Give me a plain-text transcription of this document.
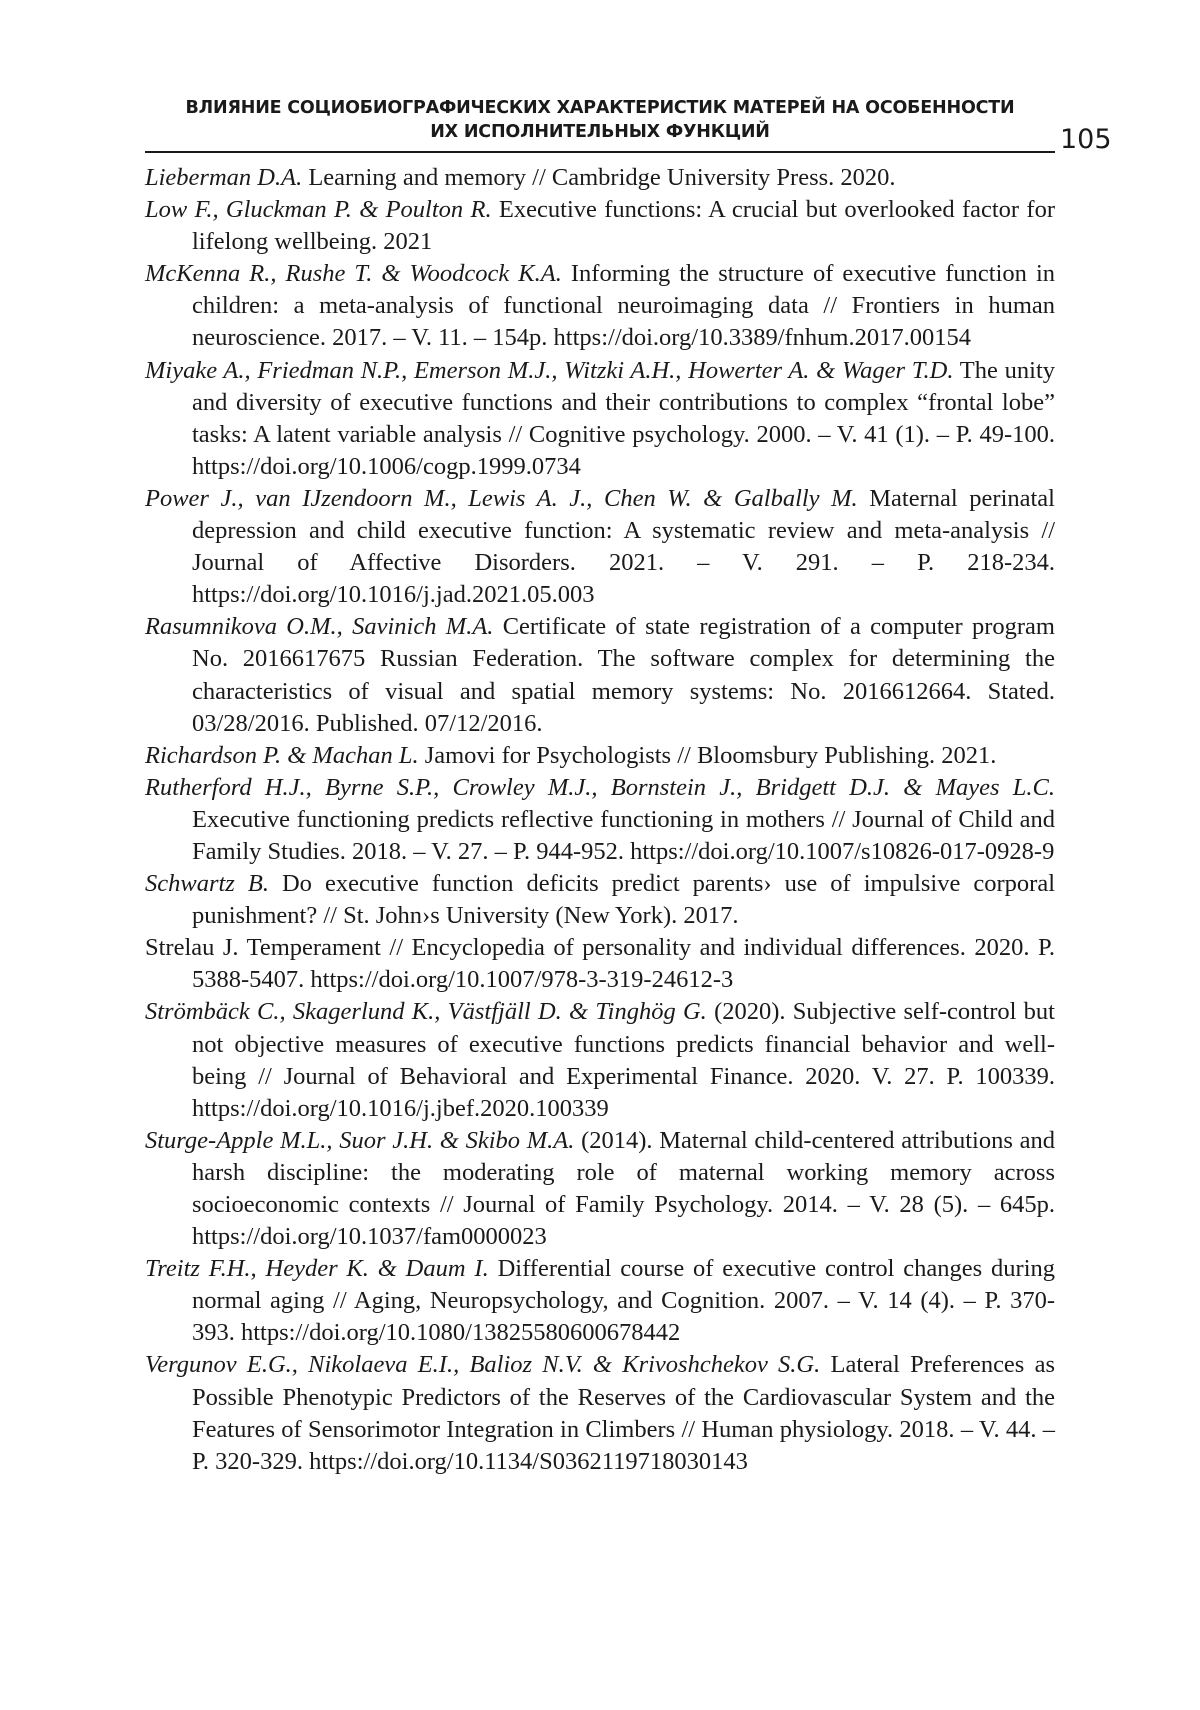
ВЛИЯНИЕ СОЦИОБИОГРАФИЧЕСКИХ ХАРАКТЕРИСТИК МАТЕРЕЙ НА ОСОБЕННОСТИ
ИХ ИСПОЛНИТЕЛЬНЫХ ФУНКЦИЙ	105

Lieberman D.A. Learning and memory // Cambridge University Press. 2020.

Low F., Gluckman P. & Poulton R. Executive functions: A crucial but overlooked factor for lifelong wellbeing. 2021

McKenna R., Rushe T. & Woodcock K.A. Informing the structure of executive function in children: a meta-analysis of functional neuroimaging data // Frontiers in human neuroscience. 2017. – V. 11. – 154p. https://doi.org/10.3389/fnhum.2017.00154

Miyake A., Friedman N.P., Emerson M.J., Witzki A.H., Howerter A. & Wager T.D. The unity and diversity of executive functions and their contributions to complex “frontal lobe” tasks: A latent variable analysis // Cognitive psychology. 2000. – V. 41 (1). – P. 49-100. https://doi.org/10.1006/cogp.1999.0734

Power J., van IJzendoorn M., Lewis A. J., Chen W. & Galbally M. Maternal perinatal depression and child executive function: A systematic review and meta-analysis // Journal of Affective Disorders. 2021. – V. 291. – P. 218-234. https://doi.org/10.1016/j.jad.2021.05.003

Rasumnikova O.M., Savinich M.A. Certificate of state registration of a computer program No. 2016617675 Russian Federation. The software complex for determining the characteristics of visual and spatial memory systems: No. 2016612664. Stated. 03/28/2016. Published. 07/12/2016.

Richardson P. & Machan L. Jamovi for Psychologists // Bloomsbury Publishing. 2021.

Rutherford H.J., Byrne S.P., Crowley M.J., Bornstein J., Bridgett D.J. & Mayes L.C. Executive functioning predicts reflective functioning in mothers // Journal of Child and Family Studies. 2018. – V. 27. – P. 944-952. https://doi.org/10.1007/s10826-017-0928-9

Schwartz B. Do executive function deficits predict parents› use of impulsive corporal punishment? // St. John›s University (New York). 2017.

Strelau J. Temperament // Encyclopedia of personality and individual differences. 2020. P. 5388-5407. https://doi.org/10.1007/978-3-319-24612-3

Strömbäck C., Skagerlund K., Västfjäll D. & Tinghög G. (2020). Subjective self-control but not objective measures of executive functions predicts financial behavior and well-being // Journal of Behavioral and Experimental Finance. 2020. V. 27. P. 100339. https://doi.org/10.1016/j.jbef.2020.100339

Sturge-Apple M.L., Suor J.H. & Skibo M.A. (2014). Maternal child-centered attributions and harsh discipline: the moderating role of maternal working memory across socioeconomic contexts // Journal of Family Psychology. 2014. – V. 28 (5). – 645p. https://doi.org/10.1037/fam0000023

Treitz F.H., Heyder K. & Daum I. Differential course of executive control changes during normal aging // Aging, Neuropsychology, and Cognition. 2007. – V. 14 (4). – P. 370-393. https://doi.org/10.1080/13825580600678442

Vergunov E.G., Nikolaeva E.I., Balioz N.V. & Krivoshchekov S.G. Lateral Preferences as Possible Phenotypic Predictors of the Reserves of the Cardiovascular System and the Features of Sensorimotor Integration in Climbers // Human physiology. 2018. – V. 44. – P. 320-329. https://doi.org/10.1134/S0362119718030143
